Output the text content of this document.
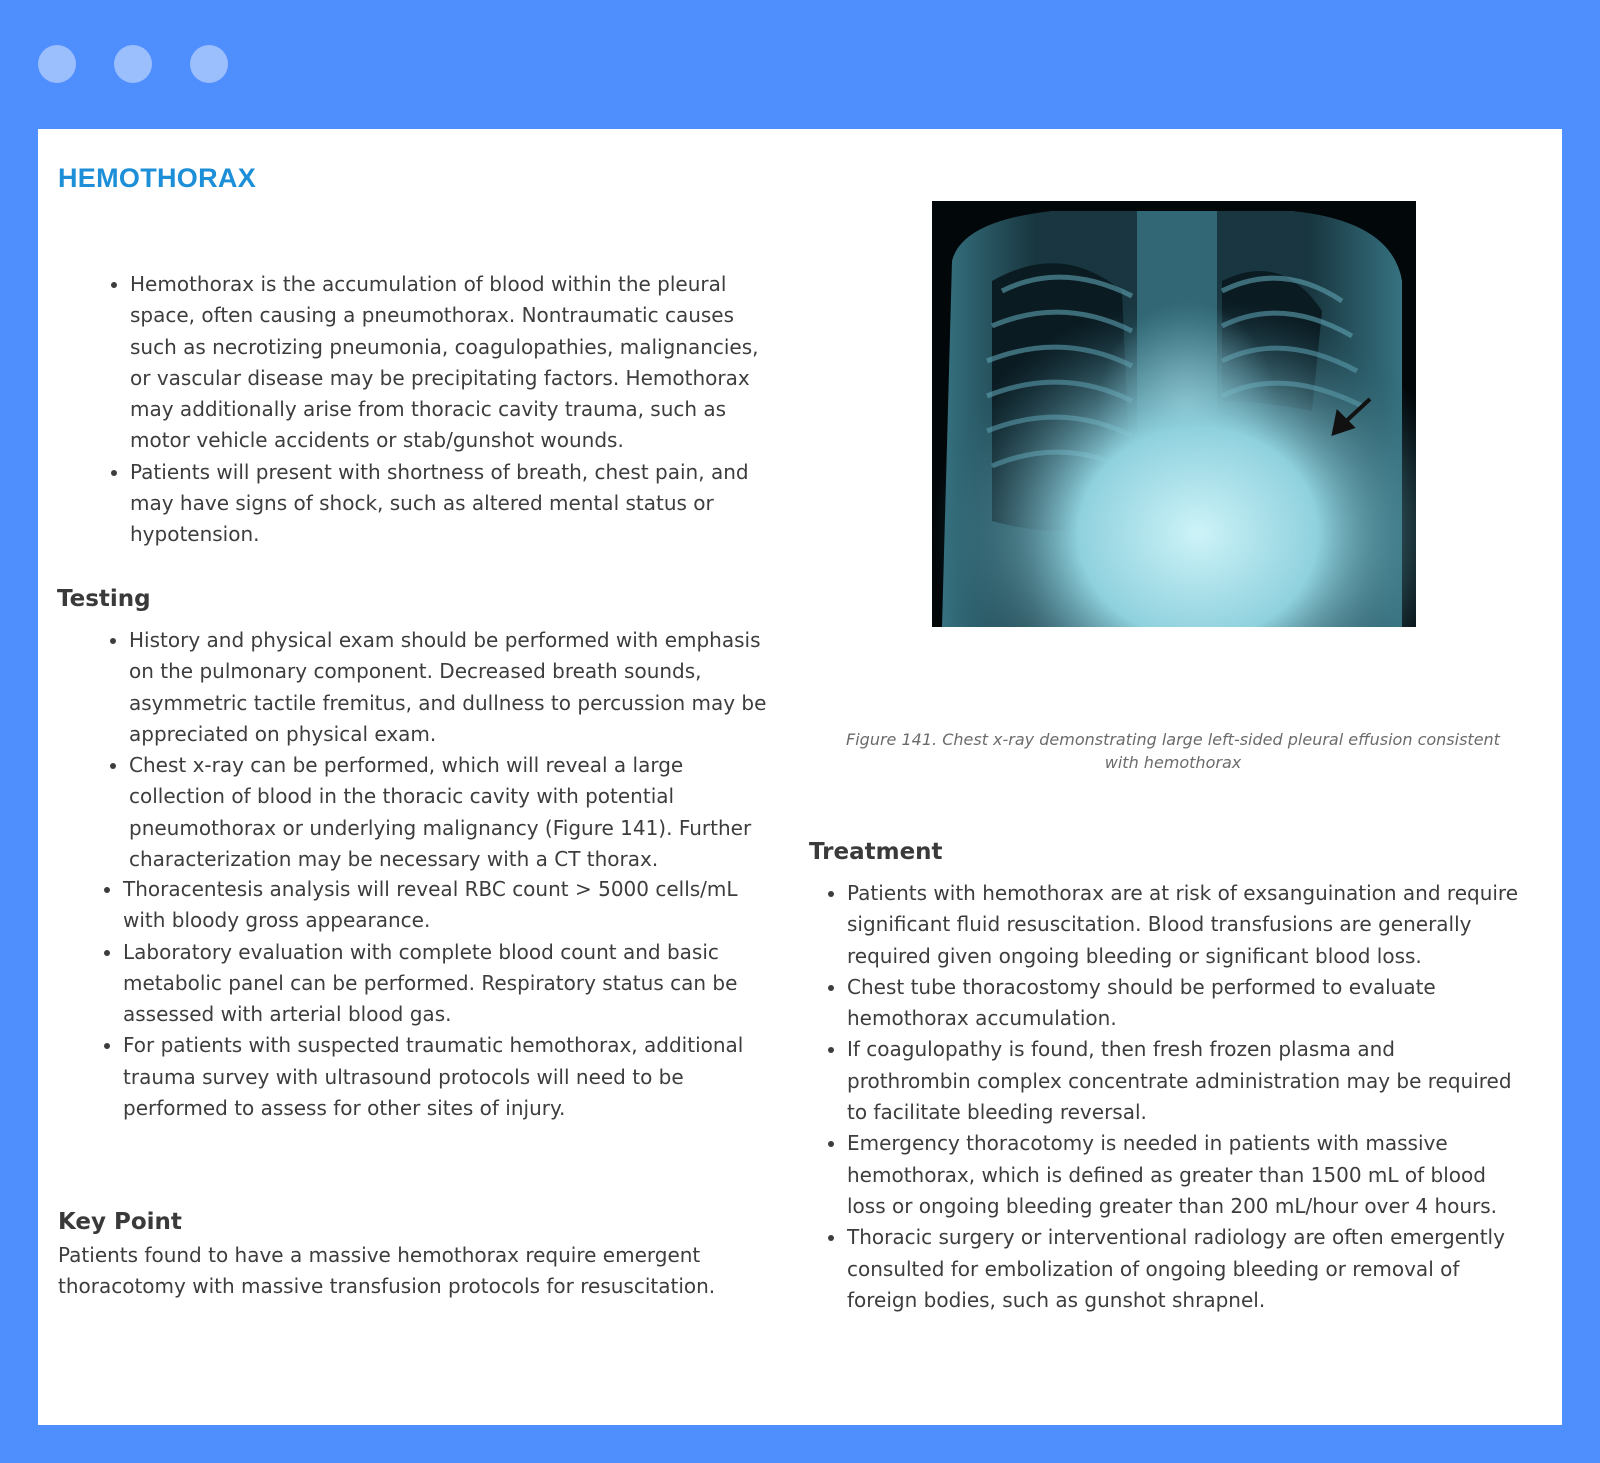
HEMOTHORAX
• Hemothorax is the accumulation of blood within the pleural space, often causing a pneumothorax. Nontraumatic causes such as necrotizing pneumonia, coagulopathies, malignancies, or vascular disease may be precipitating factors. Hemothorax may additionally arise from thoracic cavity trauma, such as motor vehicle accidents or stab/gunshot wounds.
• Patients will present with shortness of breath, chest pain, and may have signs of shock, such as altered mental status or hypotension.
Testing
• History and physical exam should be performed with emphasis on the pulmonary component. Decreased breath sounds, asymmetric tactile fremitus, and dullness to percussion may be appreciated on physical exam.
• Chest x-ray can be performed, which will reveal a large collection of blood in the thoracic cavity with potential pneumothorax or underlying malignancy (Figure 141). Further characterization may be necessary with a CT thorax.
• Thoracentesis analysis will reveal RBC count > 5000 cells/mL with bloody gross appearance.
• Laboratory evaluation with complete blood count and basic metabolic panel can be performed. Respiratory status can be assessed with arterial blood gas.
• For patients with suspected traumatic hemothorax, additional trauma survey with ultrasound protocols will need to be performed to assess for other sites of injury.
Key Point

Patients found to have a massive hemothorax require emergent thoracotomy with massive transfusion protocols for resuscitation.

Figure 141. Chest x-ray demonstrating large left-sided pleural effusion consistent with hemothorax

Treatment
• Patients with hemothorax are at risk of exsanguination and require significant fluid resuscitation. Blood transfusions are generally required given ongoing bleeding or significant blood loss.
• Chest tube thoracostomy should be performed to evaluate hemothorax accumulation.
• If coagulopathy is found, then fresh frozen plasma and prothrombin complex concentrate administration may be required to facilitate bleeding reversal.
• Emergency thoracotomy is needed in patients with massive hemothorax, which is defined as greater than 1500 mL of blood loss or ongoing bleeding greater than 200 mL/hour over 4 hours.
• Thoracic surgery or interventional radiology are often emergently consulted for embolization of ongoing bleeding or removal of foreign bodies, such as gunshot shrapnel.
